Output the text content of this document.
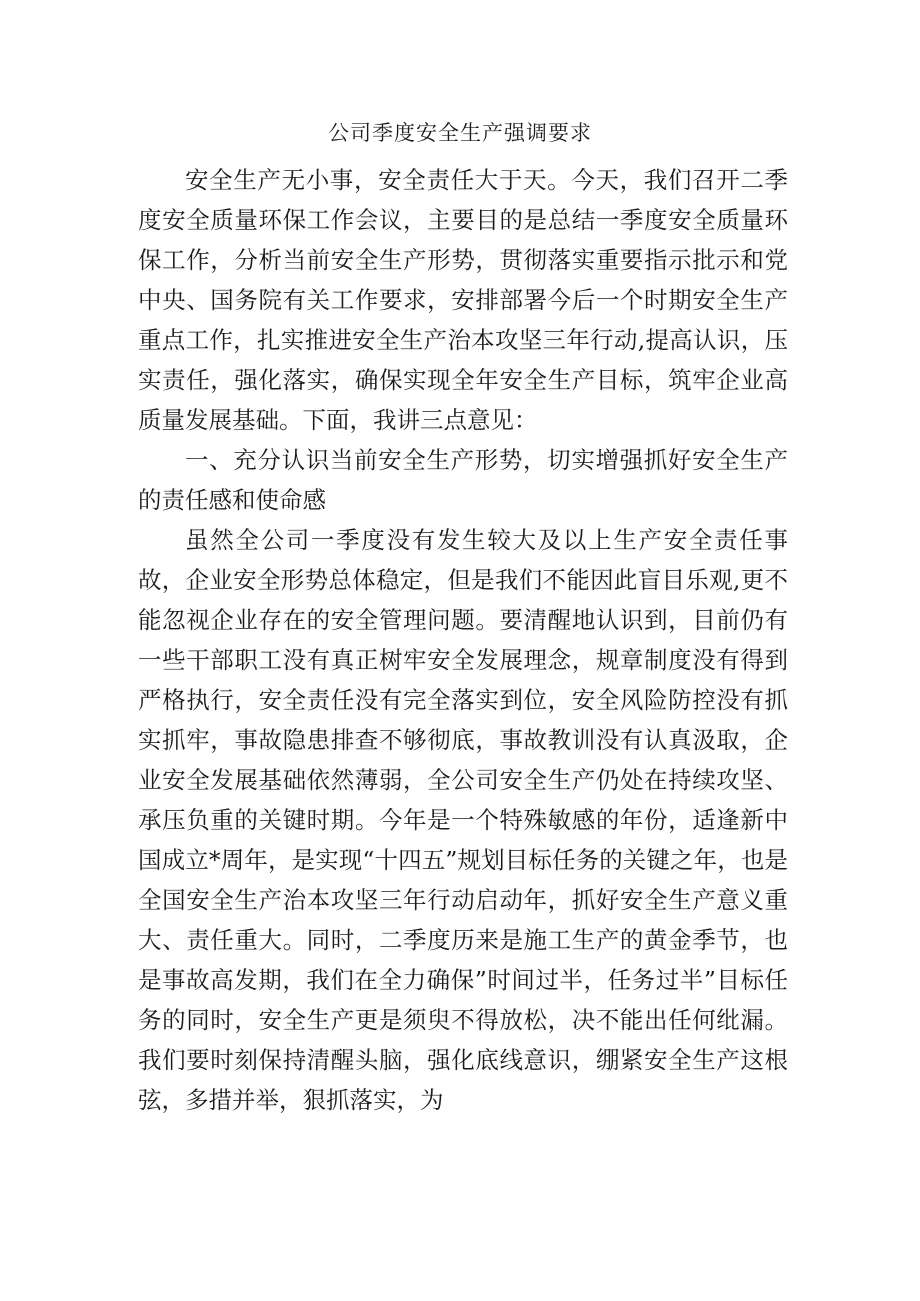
公司季度安全生产强调要求

安全生产无小事，安全责任大于天。今天，我们召开二季度安全质量环保工作会议，主要目的是总结一季度安全质量环保工作，分析当前安全生产形势，贯彻落实重要指示批示和党中央、国务院有关工作要求，安排部署今后一个时期安全生产重点工作，扎实推进安全生产治本攻坚三年行动,提高认识，压实责任，强化落实，确保实现全年安全生产目标，筑牢企业高质量发展基础。下面，我讲三点意见：

一、充分认识当前安全生产形势，切实增强抓好安全生产的责任感和使命感

虽然全公司一季度没有发生较大及以上生产安全责任事故，企业安全形势总体稳定，但是我们不能因此盲目乐观,更不能忽视企业存在的安全管理问题。要清醒地认识到，目前仍有一些干部职工没有真正树牢安全发展理念，规章制度没有得到严格执行，安全责任没有完全落实到位，安全风险防控没有抓实抓牢，事故隐患排查不够彻底，事故教训没有认真汲取，企业安全发展基础依然薄弱，全公司安全生产仍处在持续攻坚、承压负重的关键时期。今年是一个特殊敏感的年份，适逢新中国成立*周年，是实现“十四五”规划目标任务的关键之年，也是全国安全生产治本攻坚三年行动启动年，抓好安全生产意义重大、责任重大。同时，二季度历来是施工生产的黄金季节，也是事故高发期，我们在全力确保”时间过半，任务过半”目标任务的同时，安全生产更是须臾不得放松，决不能出任何纰漏。我们要时刻保持清醒头脑，强化底线意识，绷紧安全生产这根弦，多措并举，狠抓落实，为
